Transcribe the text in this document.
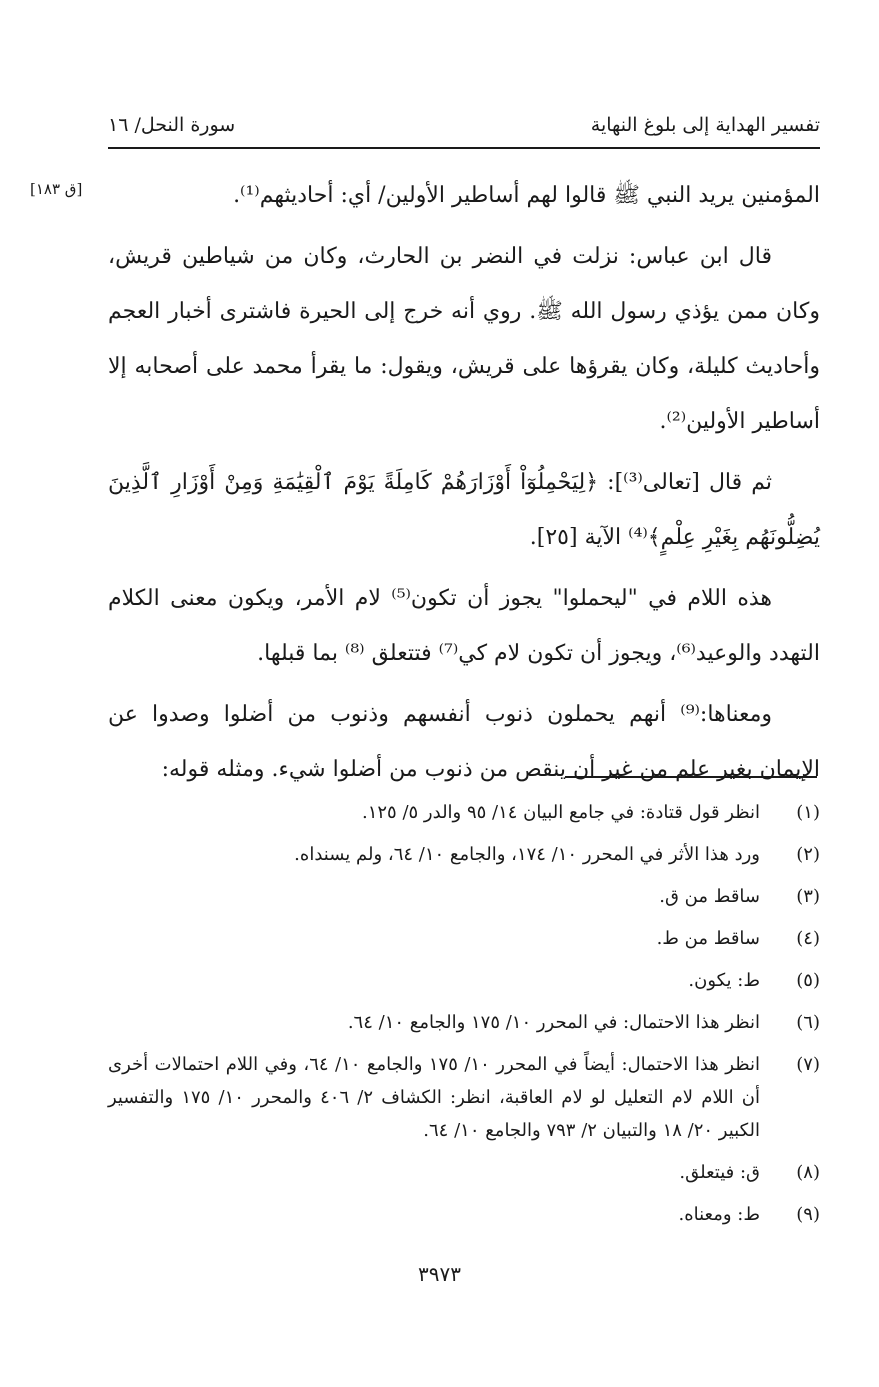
تفسير الهداية إلى بلوغ النهاية
سورة النحل/ ١٦
[ق ١٨٣]	المؤمنين يريد النبي ﷺ قالوا لهم أساطير الأولين/ أي: أحاديثهم⁽¹⁾.

قال ابن عباس: نزلت في النضر بن الحارث، وكان من شياطين قريش، وكان ممن يؤذي رسول الله ﷺ. روي أنه خرج إلى الحيرة فاشترى أخبار العجم وأحاديث كليلة، وكان يقرؤها على قريش، ويقول: ما يقرأ محمد على أصحابه إلا أساطير الأولين⁽²⁾.

ثم قال [تعالى⁽³⁾]: ﴿لِيَحْمِلُوٓاْ أَوْزَارَهُمْ كَامِلَةً يَوْمَ ٱلْقِيَٰمَةِ وَمِنْ أَوْزَارِ ٱلَّذِينَ يُضِلُّونَهُم بِغَيْرِ عِلْمٍ﴾⁽⁴⁾ الآية [٢٥].

هذه اللام في "ليحملوا" يجوز أن تكون⁽⁵⁾ لام الأمر، ويكون معنى الكلام التهدد والوعيد⁽⁶⁾، ويجوز أن تكون لام كي⁽⁷⁾ فتتعلق ⁽⁸⁾ بما قبلها.

ومعناها:⁽⁹⁾ أنهم يحملون ذنوب أنفسهم وذنوب من أضلوا وصدوا عن الإيمان بغير علم من غير أن ينقص من ذنوب من أضلوا شيء. ومثله قوله:

(١)
انظر قول قتادة: في جامع البيان ١٤/ ٩٥ والدر ٥/ ١٢٥.
(٢)
ورد هذا الأثر في المحرر ١٠/ ١٧٤، والجامع ١٠/ ٦٤، ولم يسنداه.
(٣)
ساقط من ق.
(٤)
ساقط من ط.
(٥)
ط: يكون.
(٦)
انظر هذا الاحتمال: في المحرر ١٠/ ١٧٥ والجامع ١٠/ ٦٤.
(٧)
انظر هذا الاحتمال: أيضاً في المحرر ١٠/ ١٧٥ والجامع ١٠/ ٦٤، وفي اللام احتمالات أخرى أن اللام لام التعليل لو لام العاقبة، انظر: الكشاف ٢/ ٤٠٦ والمحرر ١٠/ ١٧٥ والتفسير الكبير ٢٠/ ١٨ والتبيان ٢/ ٧٩٣ والجامع ١٠/ ٦٤.
(٨)
ق: فيتعلق.
(٩)
ط: ومعناه.
٣٩٧٣
